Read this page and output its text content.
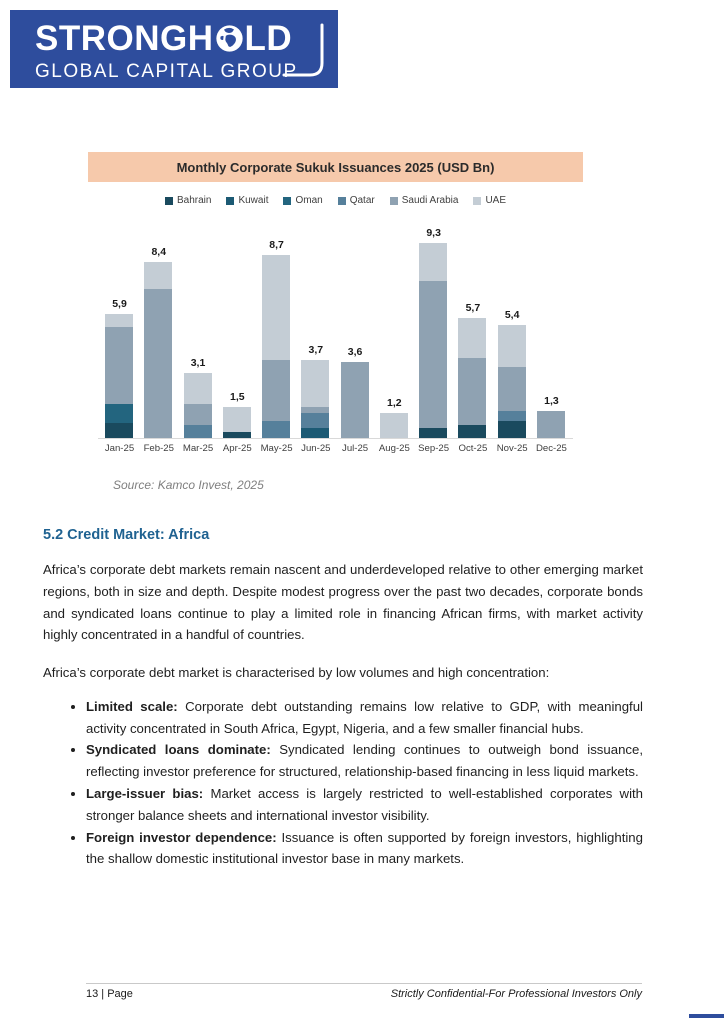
STRONGH LD
GLOBAL CAPITAL GROUP
Monthly Corporate Sukuk Issuances 2025 (USD Bn)
Bahrain	Kuwait	Oman	Qatar	Saudi Arabia	UAE
5,9
8,4
3,1
1,5
8,7
3,7	3,6
1,2
9,3
5,7
5,4
1,3
Jan-25 Feb-25 Mar-25	Apr-25 May-25 Jun-25	Jul-25	Aug-25 Sep-25 Oct-25 Nov-25 Dec-25
Source: Kamco Invest, 2025
5.2 Credit Market: Africa

Africa’s corporate debt markets remain nascent and underdeveloped relative to other emerging market regions, both in size and depth. Despite modest progress over the past two decades, corporate bonds and syndicated loans continue to play a limited role in financing African firms, with market activity highly concentrated in a handful of countries.

Africa’s corporate debt market is characterised by low volumes and high concentration:

• Limited scale: Corporate debt outstanding remains low relative to GDP, with meaningful activity concentrated in South Africa, Egypt, Nigeria, and a few smaller financial hubs.
• Syndicated loans dominate: Syndicated lending continues to outweigh bond issuance, reflecting investor preference for structured, relationship-based financing in less liquid markets.
• Large-issuer bias: Market access is largely restricted to well-established corporates with stronger balance sheets and international investor visibility.
• Foreign investor dependence: Issuance is often supported by foreign investors, highlighting the shallow domestic institutional investor base in many markets.
13 | Page	Strictly Confidential-For Professional Investors Only
